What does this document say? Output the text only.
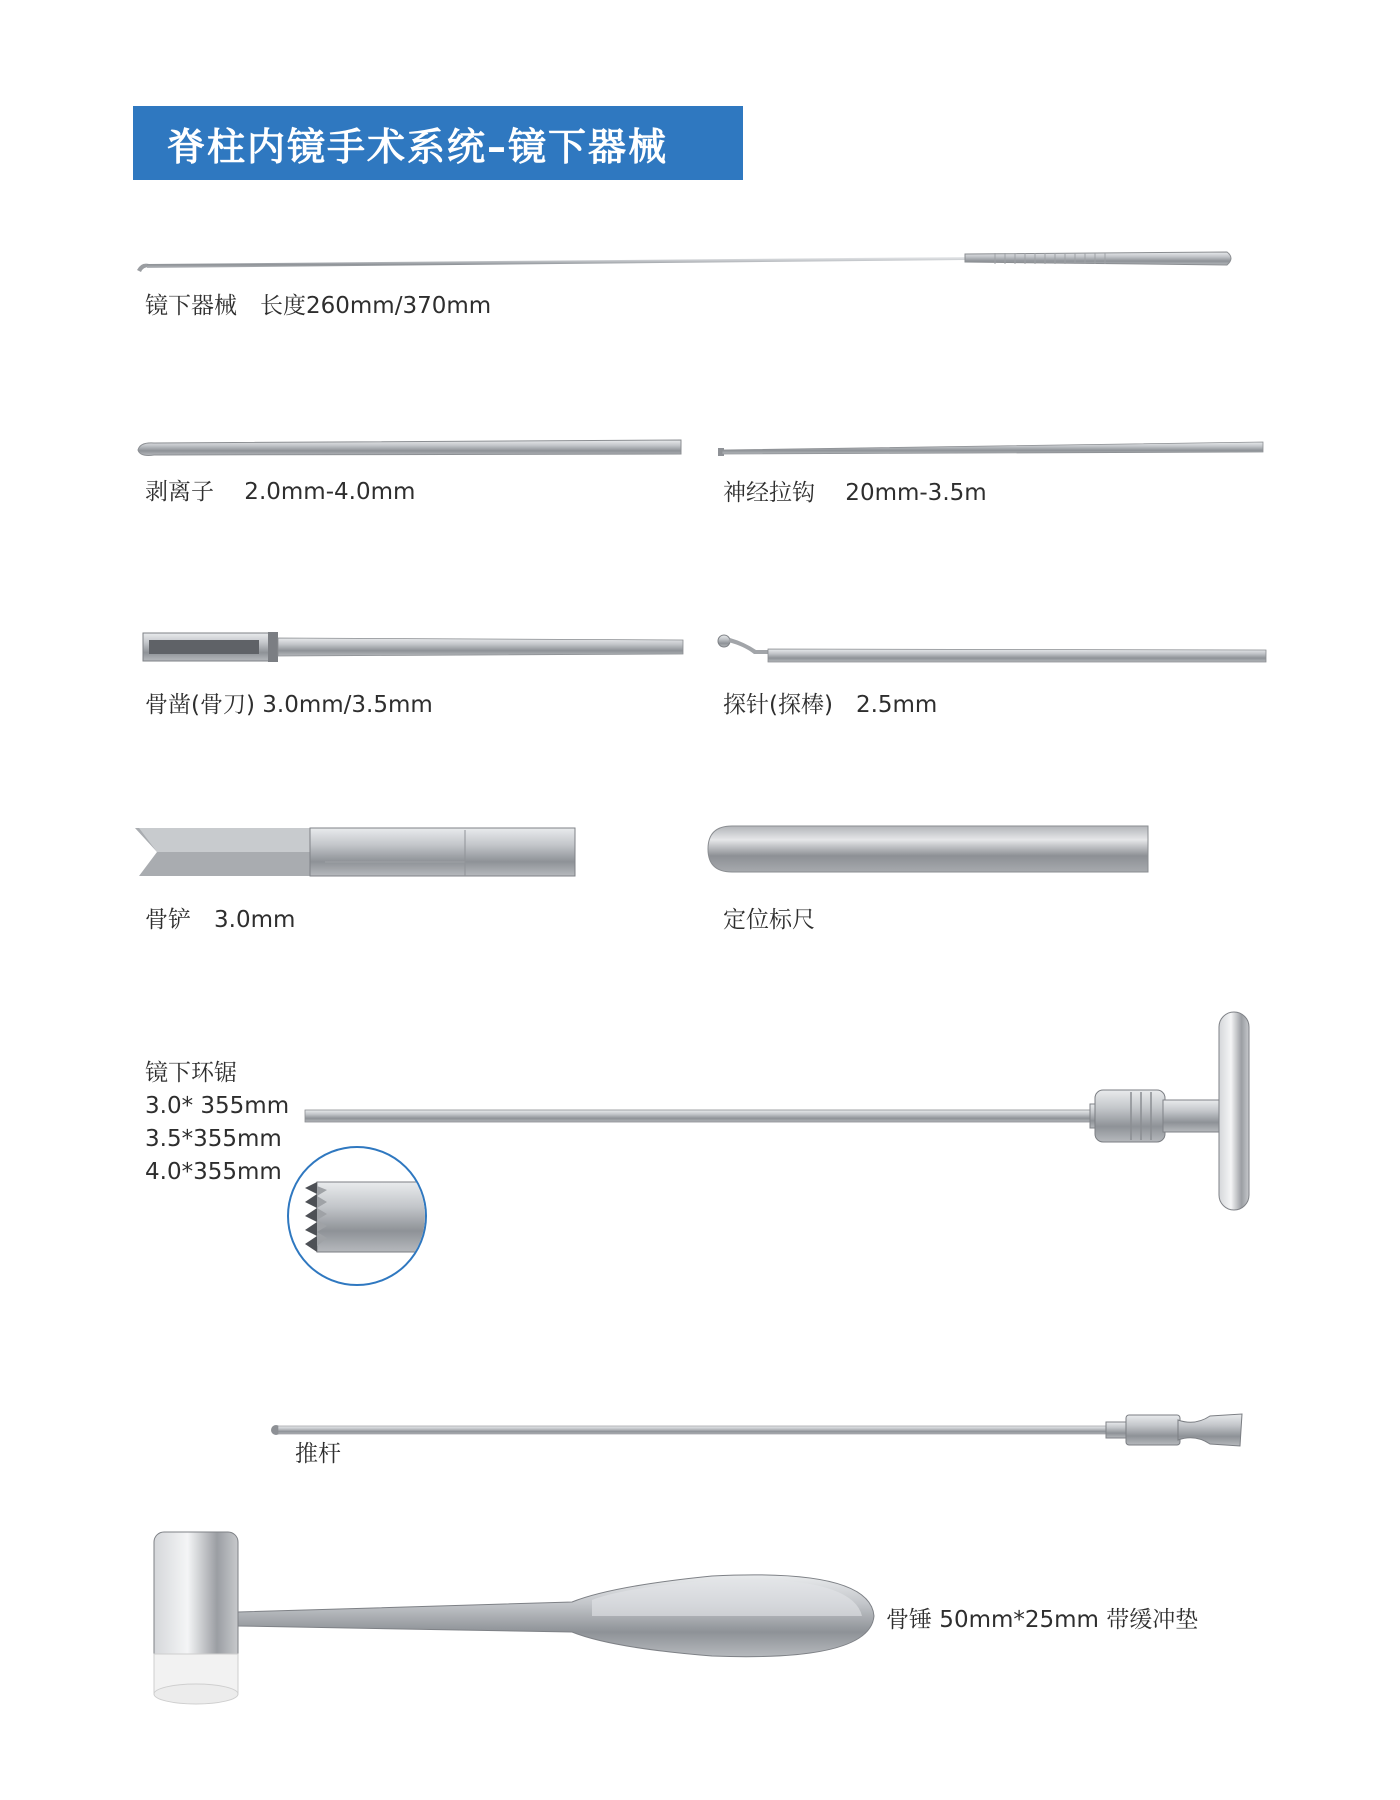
脊柱内镜手术系统–镜下器械
镜下器械　长度260mm/370mm
剥离子　 2.0mm-4.0mm	神经拉钩　 20mm-3.5m
骨凿(骨刀) 3.0mm/3.5mm	探针(探棒)　2.5mm
骨铲　3.0mm	定位标尺
镜下环锯
3.0* 355mm
3.5*355mm
4.0*355mm
推杆
骨锤 50mm*25mm 带缓冲垫
